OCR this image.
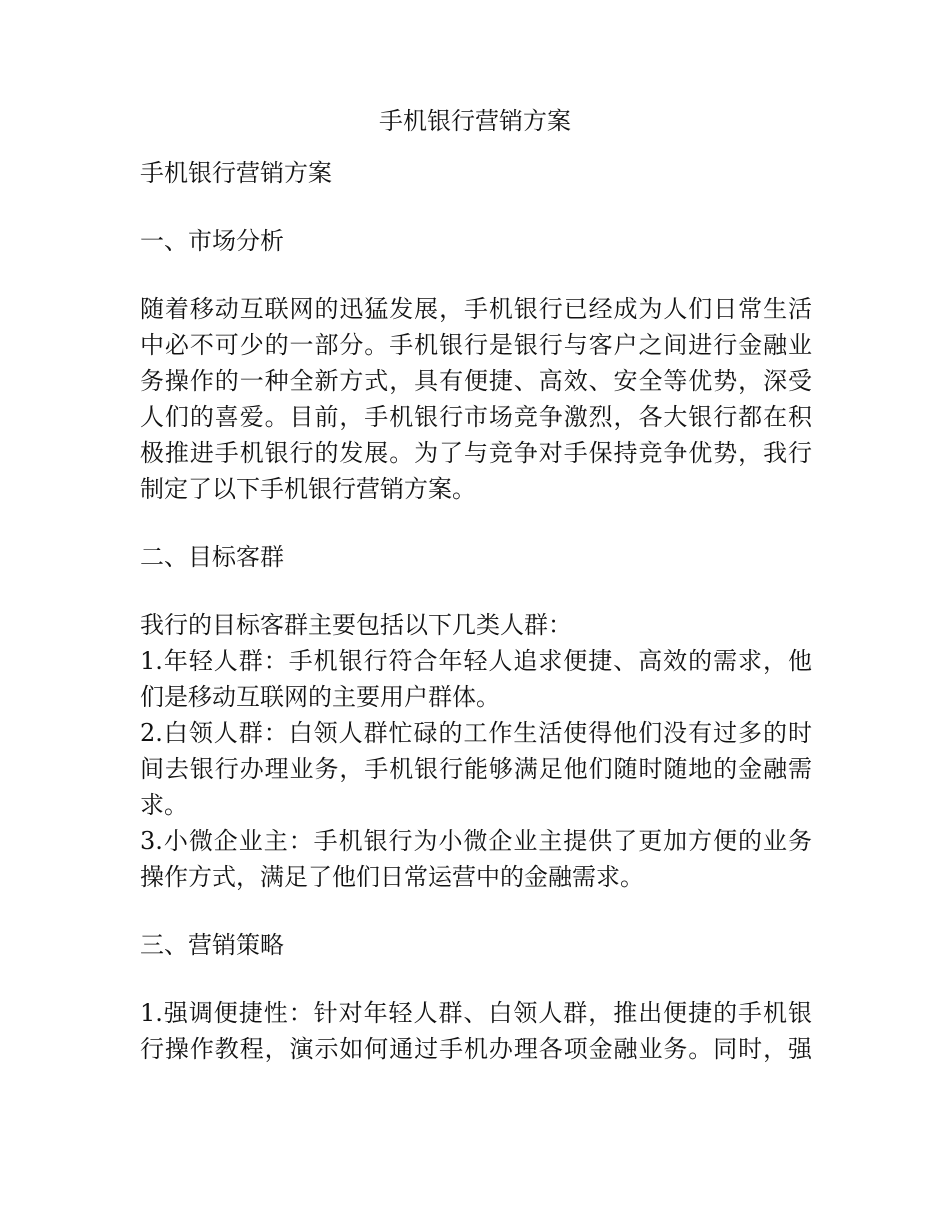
手机银行营销方案
手机银行营销方案
一、市场分析
随着移动互联网的迅猛发展，手机银行已经成为人们日常生活
中必不可少的一部分。手机银行是银行与客户之间进行金融业
务操作的一种全新方式，具有便捷、高效、安全等优势，深受
人们的喜爱。目前，手机银行市场竞争激烈，各大银行都在积
极推进手机银行的发展。为了与竞争对手保持竞争优势，我行
制定了以下手机银行营销方案。
二、目标客群
我行的目标客群主要包括以下几类人群：
1.年轻人群：手机银行符合年轻人追求便捷、高效的需求，他
们是移动互联网的主要用户群体。
2.白领人群：白领人群忙碌的工作生活使得他们没有过多的时
间去银行办理业务，手机银行能够满足他们随时随地的金融需
求。
3.小微企业主：手机银行为小微企业主提供了更加方便的业务
操作方式，满足了他们日常运营中的金融需求。
三、营销策略
1.强调便捷性：针对年轻人群、白领人群，推出便捷的手机银
行操作教程，演示如何通过手机办理各项金融业务。同时，强
